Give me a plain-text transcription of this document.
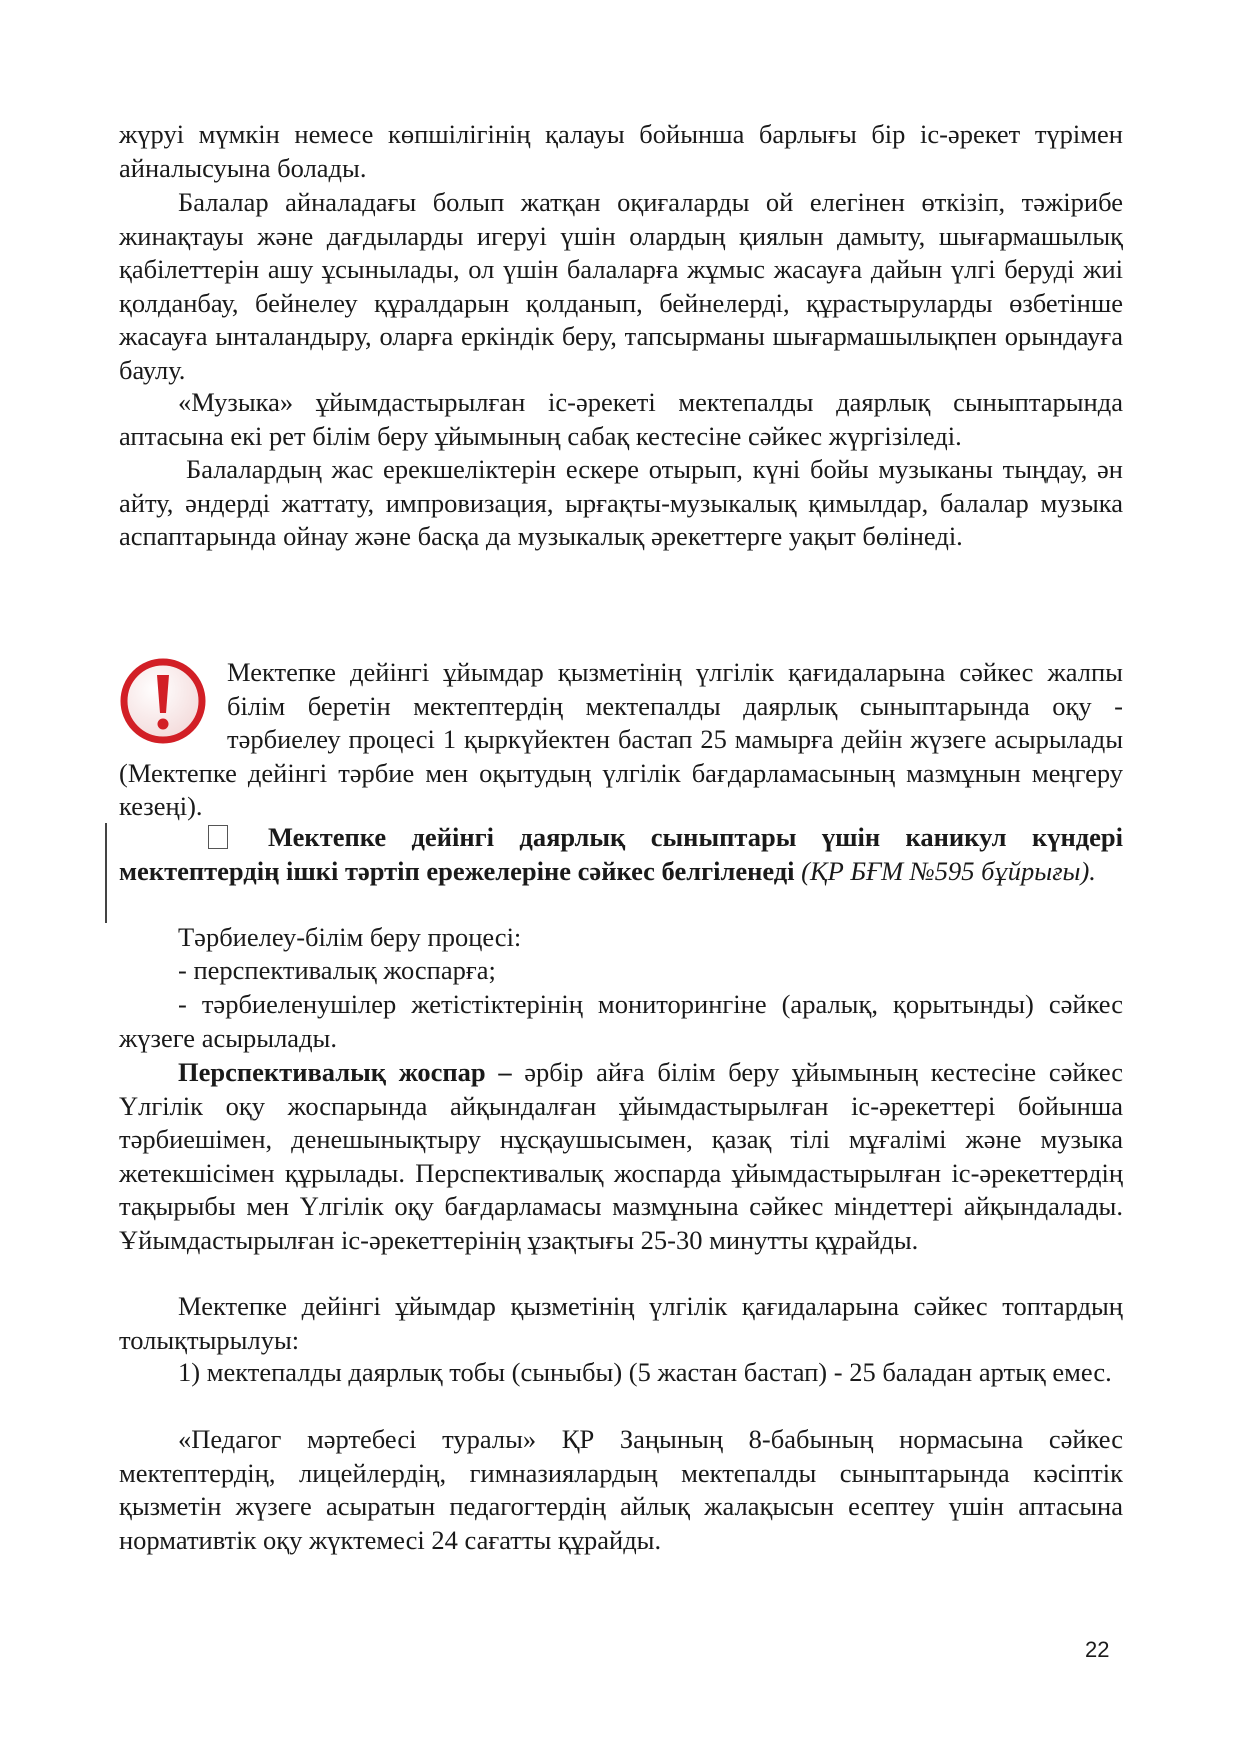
жүруі мүмкін немесе көпшілігінің қалауы бойынша барлығы бір іс-әрекет түрімен айналысуына болады.

Балалар айналадағы болып жатқан оқиғаларды ой елегінен өткізіп, тәжірибе жинақтауы және дағдыларды игеруі үшін олардың қиялын дамыту, шығармашылық қабілеттерін ашу ұсынылады, ол үшін балаларға жұмыс жасауға дайын үлгі беруді жиі қолданбау, бейнелеу құралдарын қолданып, бейнелерді, құрастыруларды өзбетінше жасауға ынталандыру, оларға еркіндік беру, тапсырманы шығармашылықпен орындауға баулу.

«Музыка» ұйымдастырылған іс-әрекеті мектепалды даярлық сыныптарында аптасына екі рет білім беру ұйымының сабақ кестесіне сәйкес жүргізіледі.

Балалардың жас ерекшеліктерін ескере отырып, күні бойы музыканы тыңдау, ән айту, әндерді жаттату, импровизация, ырғақты-музыкалық қимылдар, балалар музыка аспаптарында ойнау және басқа да музыкалық әрекеттерге уақыт бөлінеді.

Мектепке дейінгі ұйымдар қызметінің үлгілік қағидаларына сәйкес жалпы білім беретін мектептердің мектепалды даярлық сыныптарында оқу - тәрбиелеу процесі 1 қыркүйектен бастап 25 мамырға дейін жүзеге асырылады (Мектепке дейінгі тәрбие мен оқытудың үлгілік бағдарламасының мазмұнын меңгеру кезеңі).

Мектепке дейінгі даярлық сыныптары үшін каникул күндері мектептердің ішкі тәртіп ережелеріне сәйкес белгіленеді (ҚР БҒМ №595 бұйрығы).

Тәрбиелеу-білім беру процесі:

- перспективалық жоспарға;

- тәрбиеленушілер жетістіктерінің мониторингіне (аралық, қорытынды) сәйкес жүзеге асырылады.

Перспективалық жоспар – әрбір айға білім беру ұйымының кестесіне сәйкес Үлгілік оқу жоспарында айқындалған ұйымдастырылған іс-әрекеттері бойынша тәрбиешімен, денешынықтыру нұсқаушысымен, қазақ тілі мұғалімі және музыка жетекшісімен құрылады. Перспективалық жоспарда ұйымдастырылған іс-әрекеттердің тақырыбы мен Үлгілік оқу бағдарламасы мазмұнына сәйкес міндеттері айқындалады. Ұйымдастырылған іс-әрекеттерінің ұзақтығы 25-30 минутты құрайды.

Мектепке дейінгі ұйымдар қызметінің үлгілік қағидаларына сәйкес топтардың толықтырылуы:

1) мектепалды даярлық тобы (сыныбы) (5 жастан бастап) - 25 баладан артық емес.

«Педагог мәртебесі туралы» ҚР Заңының 8-бабының нормасына сәйкес мектептердің, лицейлердің, гимназиялардың мектепалды сыныптарында кәсіптік қызметін жүзеге асыратын педагогтердің айлық жалақысын есептеу үшін аптасына нормативтік оқу жүктемесі 24 сағатты құрайды.

22
